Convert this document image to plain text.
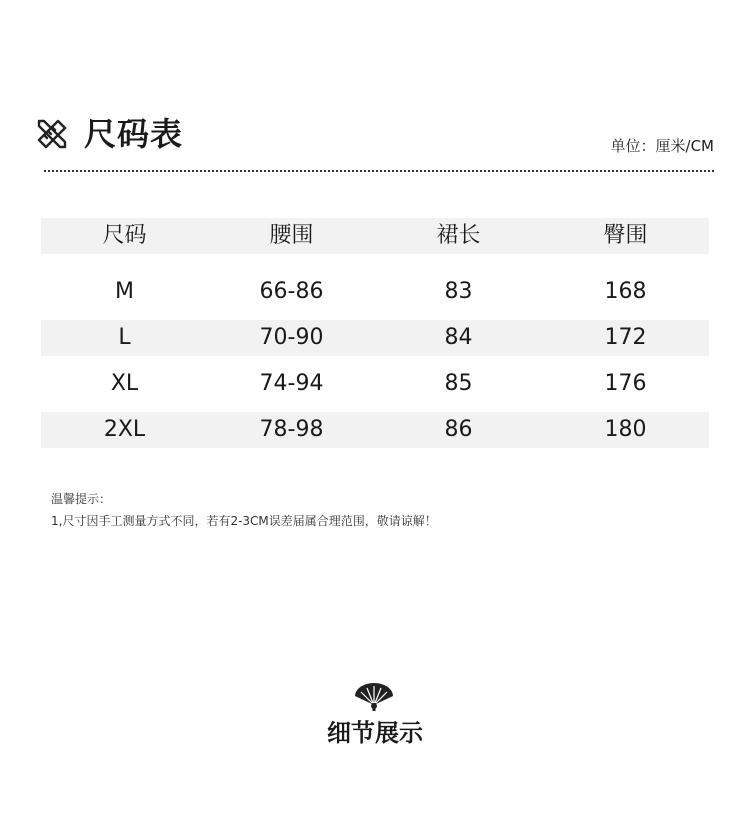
尺码表	单位：厘米/CM
尺码	腰围	裙长	臀围
M	66-86	83	168
L	70-90	84	172
XL	74-94	85	176
2XL	78-98	86	180
温馨提示：
1,尺寸因手工测量方式不同，若有2-3CM误差届属合理范围，敬请谅解！
细节展示
